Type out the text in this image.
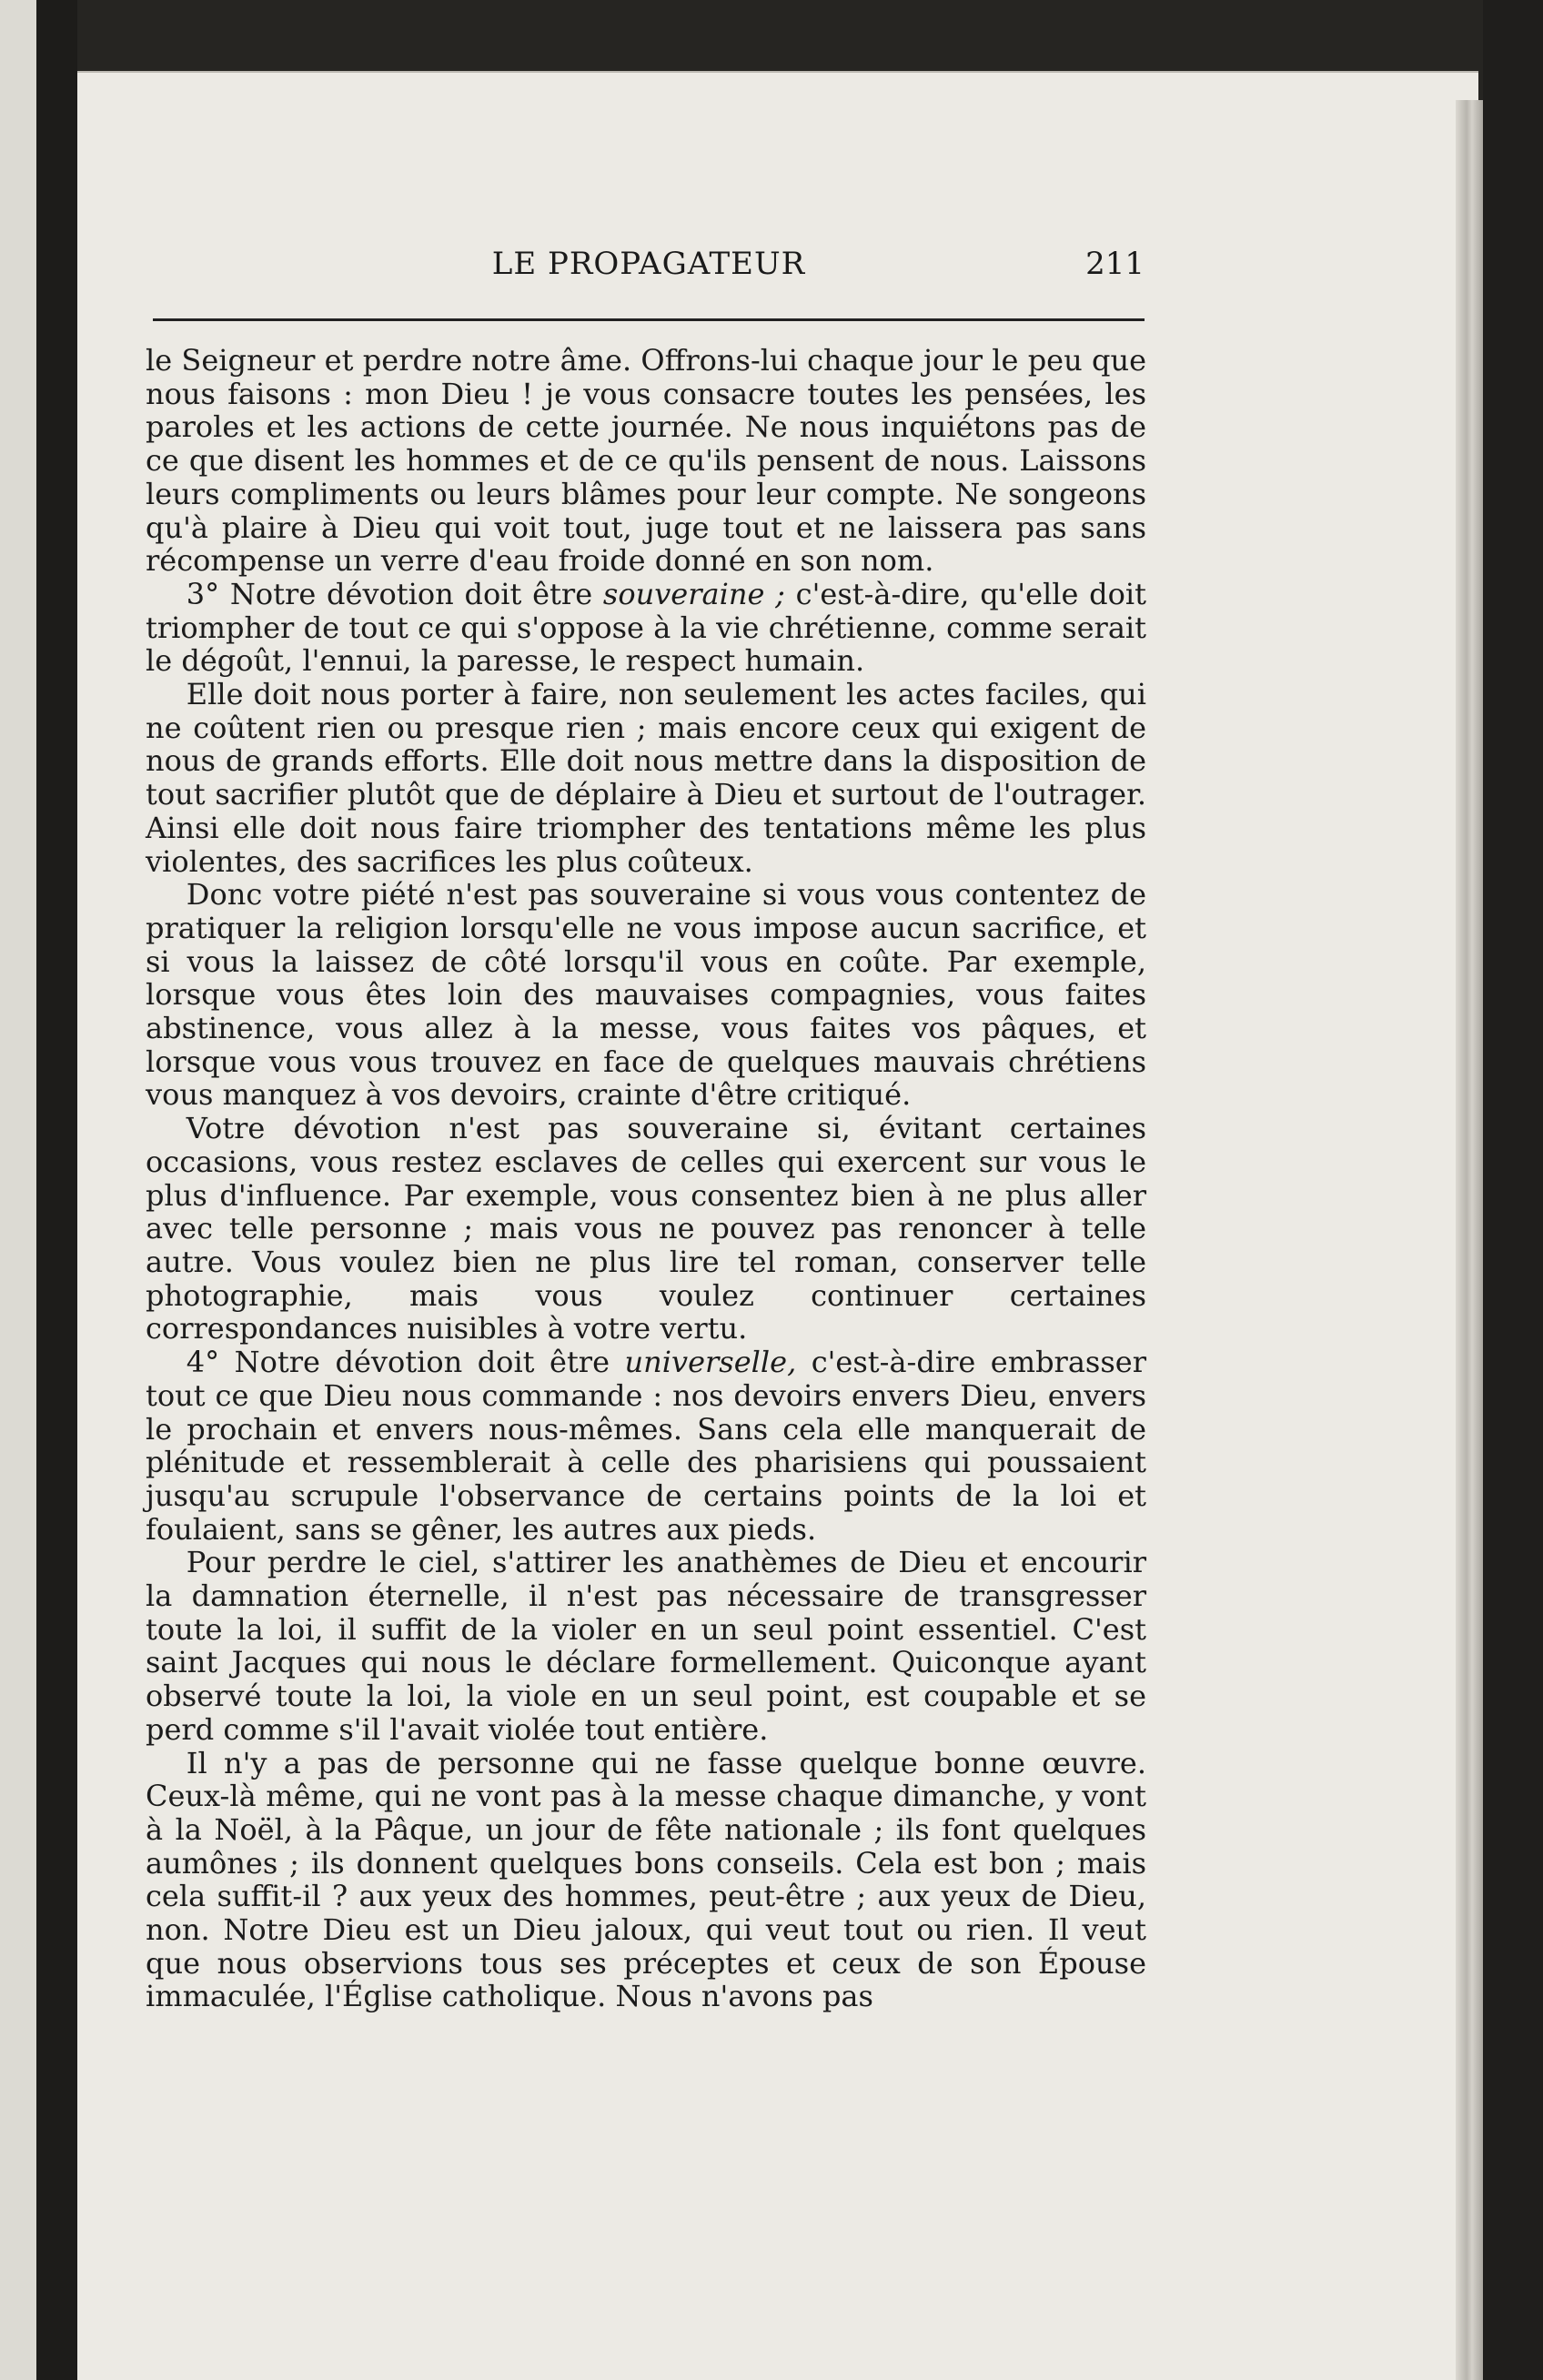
LE PROPAGATEUR	211

le Seigneur et perdre notre âme. Offrons-lui chaque jour le peu que nous faisons : mon Dieu ! je vous consacre toutes les pensées, les paroles et les actions de cette journée. Ne nous inquiétons pas de ce que disent les hommes et de ce qu'ils pensent de nous. Laissons leurs compliments ou leurs blâmes pour leur compte. Ne songeons qu'à plaire à Dieu qui voit tout, juge tout et ne laissera pas sans récompense un verre d'eau froide donné en son nom.

3° Notre dévotion doit être souveraine ; c'est-à-dire, qu'elle doit triompher de tout ce qui s'oppose à la vie chrétienne, comme serait le dégoût, l'ennui, la paresse, le respect humain.

Elle doit nous porter à faire, non seulement les actes faciles, qui ne coûtent rien ou presque rien ; mais encore ceux qui exigent de nous de grands efforts. Elle doit nous mettre dans la disposition de tout sacrifier plutôt que de déplaire à Dieu et surtout de l'outrager. Ainsi elle doit nous faire triompher des tentations même les plus violentes, des sacrifices les plus coûteux.

Donc votre piété n'est pas souveraine si vous vous contentez de pratiquer la religion lorsqu'elle ne vous impose aucun sacrifice, et si vous la laissez de côté lorsqu'il vous en coûte. Par exemple, lorsque vous êtes loin des mauvaises compagnies, vous faites abstinence, vous allez à la messe, vous faites vos pâques, et lorsque vous vous trouvez en face de quelques mauvais chrétiens vous manquez à vos devoirs, crainte d'être critiqué.

Votre dévotion n'est pas souveraine si, évitant certaines occasions, vous restez esclaves de celles qui exercent sur vous le plus d'influence. Par exemple, vous consentez bien à ne plus aller avec telle personne ; mais vous ne pouvez pas renoncer à telle autre. Vous voulez bien ne plus lire tel roman, conserver telle photographie, mais vous voulez continuer certaines correspondances nuisibles à votre vertu.

4° Notre dévotion doit être universelle, c'est-à-dire embrasser tout ce que Dieu nous commande : nos devoirs envers Dieu, envers le prochain et envers nous-mêmes. Sans cela elle manquerait de plénitude et ressemblerait à celle des pharisiens qui poussaient jusqu'au scrupule l'observance de certains points de la loi et foulaient, sans se gêner, les autres aux pieds.

Pour perdre le ciel, s'attirer les anathèmes de Dieu et encourir la damnation éternelle, il n'est pas nécessaire de transgresser toute la loi, il suffit de la violer en un seul point essentiel. C'est saint Jacques qui nous le déclare formellement. Quiconque ayant observé toute la loi, la viole en un seul point, est coupable et se perd comme s'il l'avait violée tout entière.

Il n'y a pas de personne qui ne fasse quelque bonne œuvre. Ceux-là même, qui ne vont pas à la messe chaque dimanche, y vont à la Noël, à la Pâque, un jour de fête nationale ; ils font quelques aumônes ; ils donnent quelques bons conseils. Cela est bon ; mais cela suffit-il ? aux yeux des hommes, peut-être ; aux yeux de Dieu, non. Notre Dieu est un Dieu jaloux, qui veut tout ou rien. Il veut que nous observions tous ses préceptes et ceux de son Épouse immaculée, l'Église catholique. Nous n'avons pas
